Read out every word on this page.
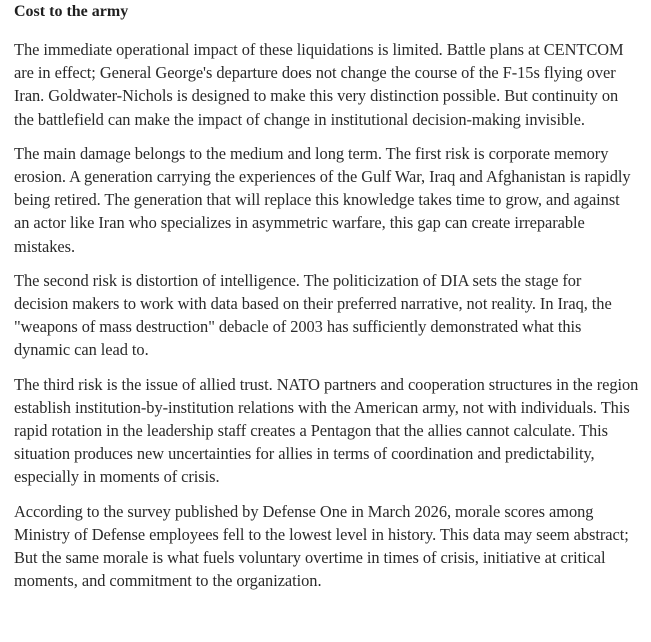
Cost to the army

The immediate operational impact of these liquidations is limited. Battle plans at CENTCOM are in effect; General George's departure does not change the course of the F-15s flying over Iran. Goldwater-Nichols is designed to make this very distinction possible. But continuity on the battlefield can make the impact of change in institutional decision-making invisible.

The main damage belongs to the medium and long term. The first risk is corporate memory erosion. A generation carrying the experiences of the Gulf War, Iraq and Afghanistan is rapidly being retired. The generation that will replace this knowledge takes time to grow, and against an actor like Iran who specializes in asymmetric warfare, this gap can create irreparable mistakes.

The second risk is distortion of intelligence. The politicization of DIA sets the stage for decision makers to work with data based on their preferred narrative, not reality. In Iraq, the "weapons of mass destruction" debacle of 2003 has sufficiently demonstrated what this dynamic can lead to.

The third risk is the issue of allied trust. NATO partners and cooperation structures in the region establish institution-by-institution relations with the American army, not with individuals. This rapid rotation in the leadership staff creates a Pentagon that the allies cannot calculate. This situation produces new uncertainties for allies in terms of coordination and predictability, especially in moments of crisis.

According to the survey published by Defense One in March 2026, morale scores among Ministry of Defense employees fell to the lowest level in history. This data may seem abstract; But the same morale is what fuels voluntary overtime in times of crisis, initiative at critical moments, and commitment to the organization.
